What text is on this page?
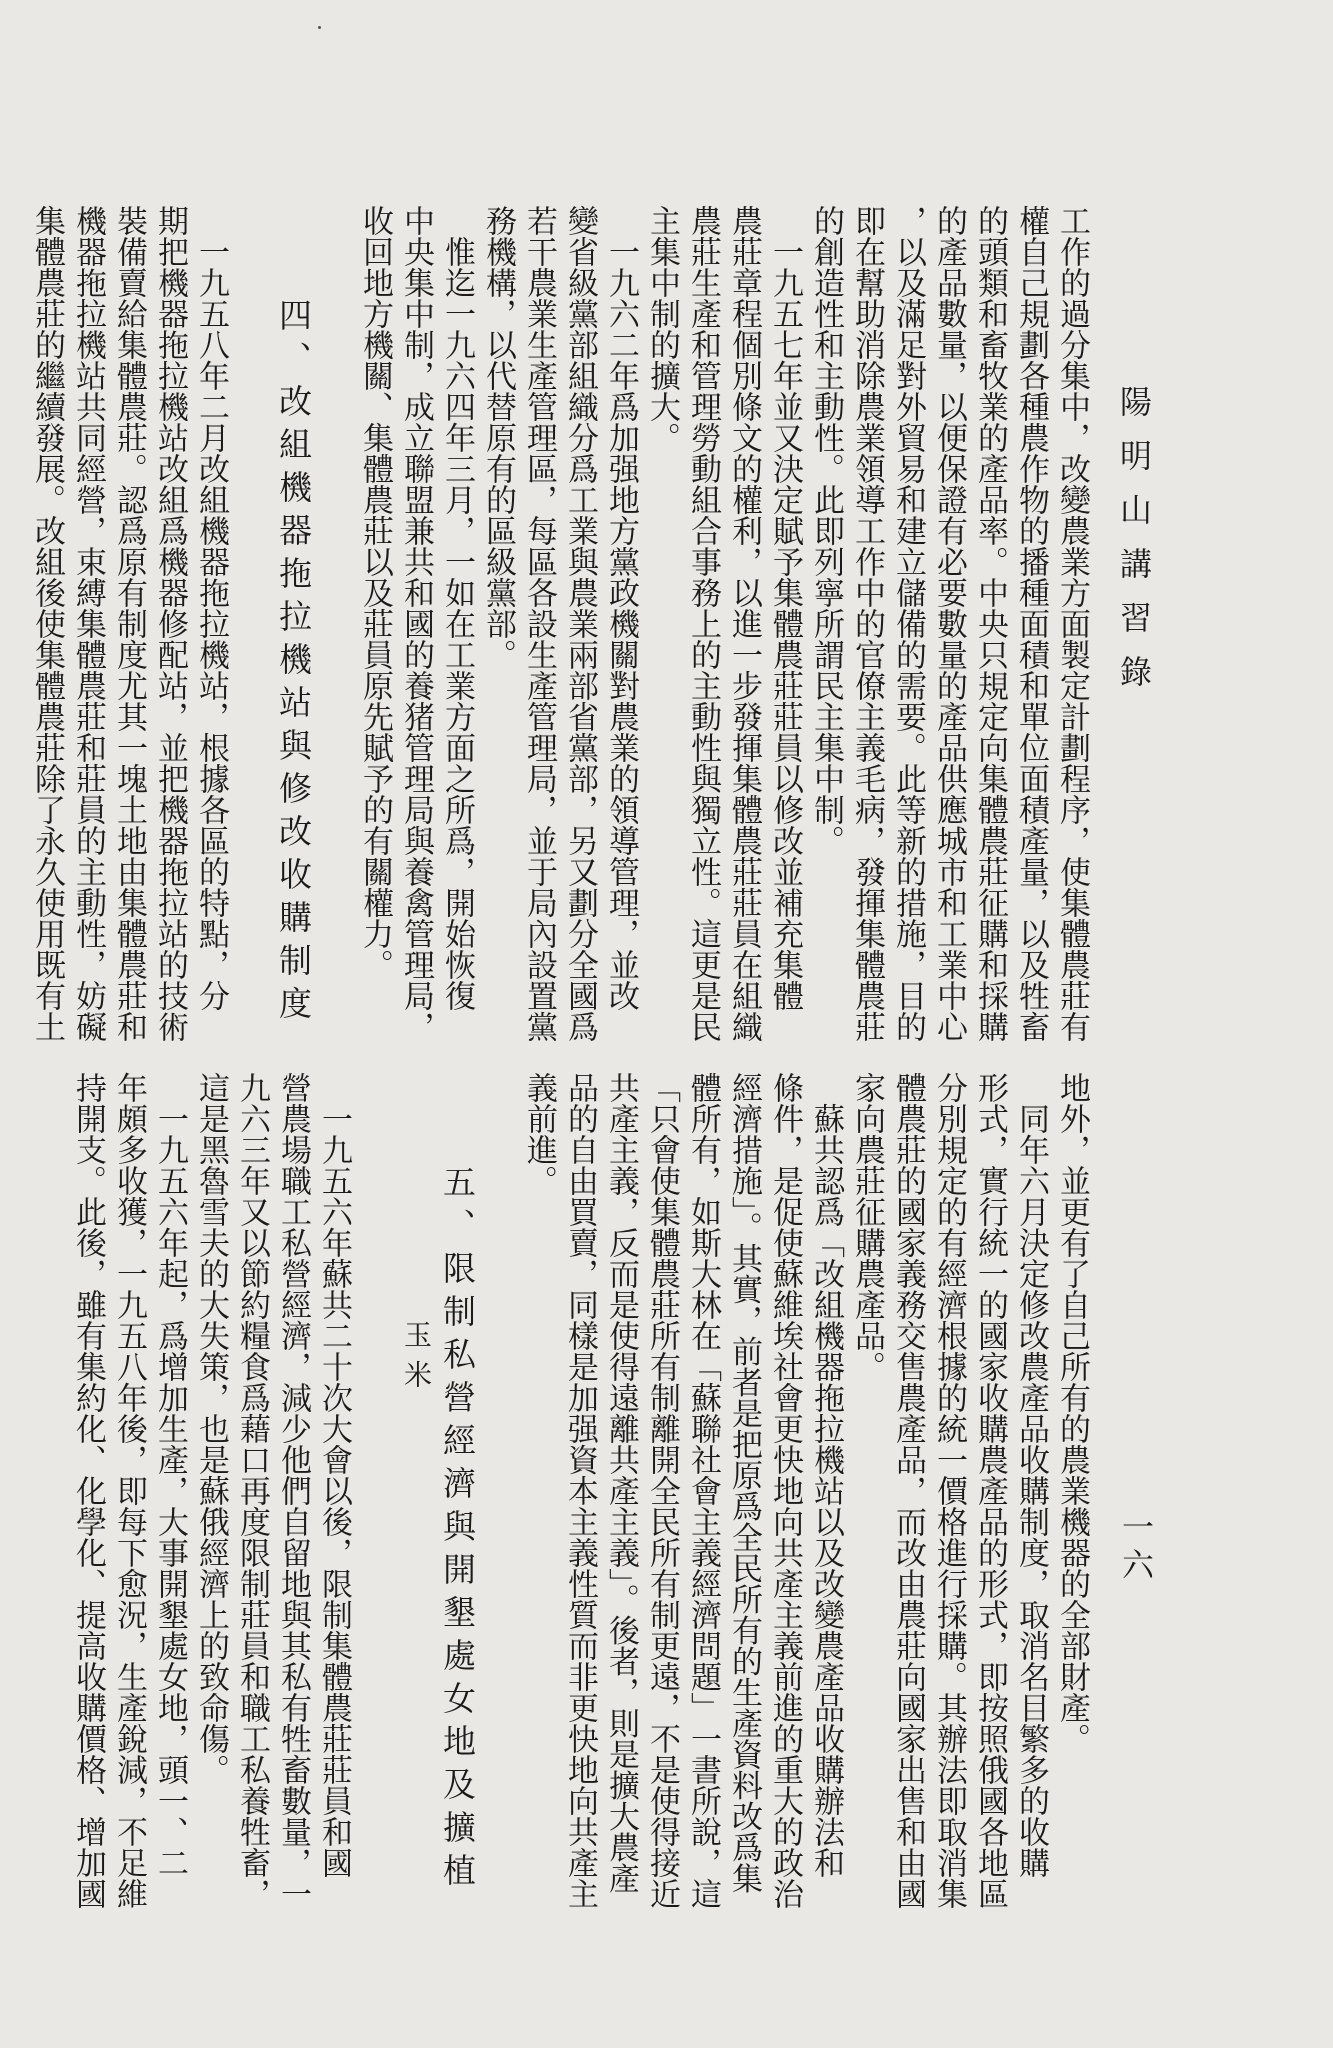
陽明山講習錄
一六
工作的過分集中，改變農業方面製定計劃程序，使集體農莊有
權自己規劃各種農作物的播種面積和單位面積產量，以及牲畜
的頭類和畜牧業的產品率。中央只規定向集體農莊征購和採購
的產品數量，以便保證有必要數量的產品供應城市和工業中心
，以及滿足對外貿易和建立儲備的需要。此等新的措施，目的
即在幫助消除農業領導工作中的官僚主義毛病，發揮集體農莊
的創造性和主動性。此即列寧所謂民主集中制。
　一九五七年並又決定賦予集體農莊莊員以修改並補充集體
農莊章程個別條文的權利，以進一步發揮集體農莊莊員在組織
農莊生產和管理勞動組合事務上的主動性與獨立性。這更是民
主集中制的擴大。
　一九六二年爲加强地方黨政機關對農業的領導管理，並改
變省級黨部組織分爲工業與農業兩部省黨部，另又劃分全國爲
若干農業生產管理區，每區各設生產管理局，並于局內設置黨
務機構，以代替原有的區級黨部。
　惟迄一九六四年三月，一如在工業方面之所爲，開始恢復
中央集中制，成立聯盟兼共和國的養猪管理局與養禽管理局，
收回地方機關、集體農莊以及莊員原先賦予的有關權力。

　　　四、改組機器拖拉機站與修改收購制度

　一九五八年二月改組機器拖拉機站，根據各區的特點，分
期把機器拖拉機站改組爲機器修配站，並把機器拖拉站的技術
裝備賣給集體農莊。認爲原有制度尤其一塊土地由集體農莊和
機器拖拉機站共同經營，束縛集體農莊和莊員的主動性，妨礙
集體農莊的繼續發展。改組後使集體農莊除了永久使用既有土
地外，並更有了自己所有的農業機器的全部財產。
　同年六月決定修改農產品收購制度，取消名目繁多的收購
形式，實行統一的國家收購農產品的形式，即按照俄國各地區
分別規定的有經濟根據的統一價格進行採購。其辦法即取消集
體農莊的國家義務交售農產品，而改由農莊向國家出售和由國
家向農莊征購農產品。
　蘇共認爲「改組機器拖拉機站以及改變農產品收購辦法和
條件，是促使蘇維埃社會更快地向共產主義前進的重大的政治
經濟措施」。其實，前者是把原爲全民所有的生產資料改爲集
體所有，如斯大林在「蘇聯社會主義經濟問題」一書所說，這
「只會使集體農莊所有制離開全民所有制更遠，不是使得接近
共產主義，反而是使得遠離共產主義」。後者，則是擴大農產
品的自由買賣，同樣是加强資本主義性質而非更快地向共產主
義前進。

　　　五、限制私營經濟與開墾處女地及擴植
　　　　　　　　玉米

　一九五六年蘇共二十次大會以後，限制集體農莊莊員和國
營農場職工私營經濟，減少他們自留地與其私有牲畜數量，一
九六三年又以節約糧食爲藉口再度限制莊員和職工私養牲畜，
這是黑魯雪夫的大失策，也是蘇俄經濟上的致命傷。
　一九五六年起，爲增加生產，大事開墾處女地，頭一、二
年頗多收獲，一九五八年後，即每下愈況，生產銳減，不足維
持開支。此後，雖有集約化、化學化、提高收購價格、增加國
